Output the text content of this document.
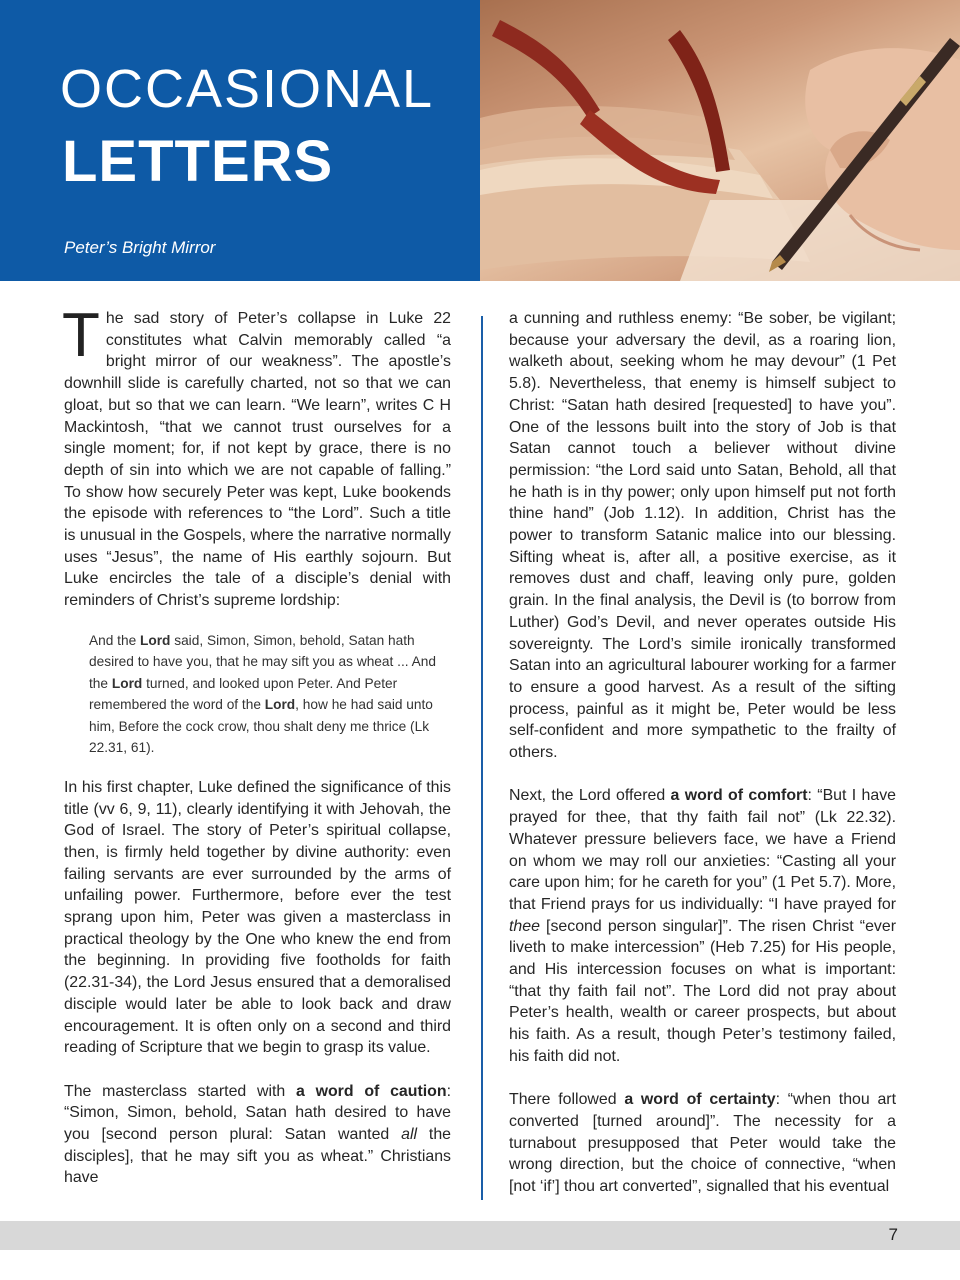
OCCASIONAL
LETTERS
Peter’s Bright Mirror

The sad story of Peter’s collapse in Luke 22 constitutes what Calvin memorably called “a bright mirror of our weakness”. The apostle’s downhill slide is carefully charted, not so that we can gloat, but so that we can learn. “We learn”, writes C H Mackintosh, “that we cannot trust ourselves for a single moment; for, if not kept by grace, there is no depth of sin into which we are not capable of falling.” To show how securely Peter was kept, Luke bookends the episode with references to “the Lord”. Such a title is unusual in the Gospels, where the narrative normally uses “Jesus”, the name of His earthly sojourn. But Luke encircles the tale of a disciple’s denial with reminders of Christ’s supreme lordship:

And the Lord said, Simon, Simon, behold, Satan hath desired to have you, that he may sift you as wheat ... And the Lord turned, and looked upon Peter. And Peter remembered the word of the Lord, how he had said unto him, Before the cock crow, thou shalt deny me thrice (Lk 22.31, 61).

In his first chapter, Luke defined the significance of this title (vv 6, 9, 11), clearly identifying it with Jehovah, the God of Israel. The story of Peter’s spiritual collapse, then, is firmly held together by divine authority: even failing servants are ever surrounded by the arms of unfailing power. Furthermore, before ever the test sprang upon him, Peter was given a masterclass in practical theology by the One who knew the end from the beginning. In providing five footholds for faith (22.31-34), the Lord Jesus ensured that a demoralised disciple would later be able to look back and draw encouragement. It is often only on a second and third reading of Scripture that we begin to grasp its value.

The masterclass started with a word of caution: “Simon, Simon, behold, Satan hath desired to have you [second person plural: Satan wanted all the disciples], that he may sift you as wheat.” Christians have

a cunning and ruthless enemy: “Be sober, be vigilant; because your adversary the devil, as a roaring lion, walketh about, seeking whom he may devour” (1 Pet 5.8). Nevertheless, that enemy is himself subject to Christ: “Satan hath desired [requested] to have you”. One of the lessons built into the story of Job is that Satan cannot touch a believer without divine permission: “the Lord said unto Satan, Behold, all that he hath is in thy power; only upon himself put not forth thine hand” (Job 1.12). In addition, Christ has the power to transform Satanic malice into our blessing. Sifting wheat is, after all, a positive exercise, as it removes dust and chaff, leaving only pure, golden grain. In the final analysis, the Devil is (to borrow from Luther) God’s Devil, and never operates outside His sovereignty. The Lord’s simile ironically transformed Satan into an agricultural labourer working for a farmer to ensure a good harvest. As a result of the sifting process, painful as it might be, Peter would be less self-confident and more sympathetic to the frailty of others.

Next, the Lord offered a word of comfort: “But I have prayed for thee, that thy faith fail not” (Lk 22.32). Whatever pressure believers face, we have a Friend on whom we may roll our anxieties: “Casting all your care upon him; for he careth for you” (1 Pet 5.7). More, that Friend prays for us individually: “I have prayed for thee [second person singular]”. The risen Christ “ever liveth to make intercession” (Heb 7.25) for His people, and His intercession focuses on what is important: “that thy faith fail not”. The Lord did not pray about Peter’s health, wealth or career prospects, but about his faith. As a result, though Peter’s testimony failed, his faith did not.

There followed a word of certainty: “when thou art converted [turned around]”. The necessity for a turnabout presupposed that Peter would take the wrong direction, but the choice of connective, “when [not ‘if’] thou art converted”, signalled that his eventual

7
